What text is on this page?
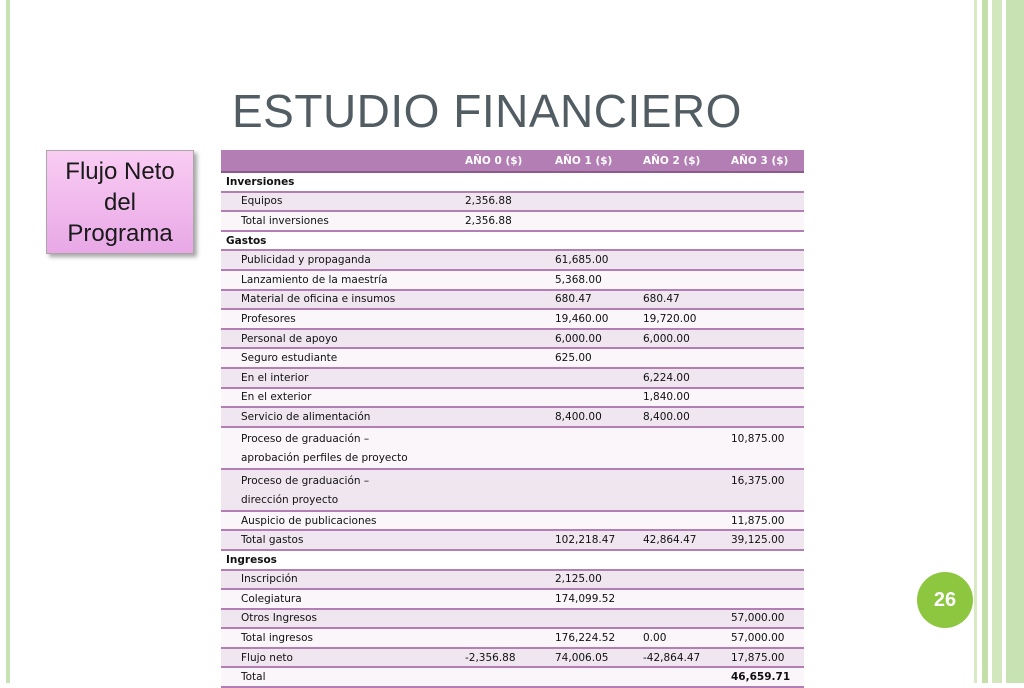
ESTUDIO FINANCIERO
Flujo Neto del Programa
	AÑO 0 ($)	AÑO 1 ($)	AÑO 2 ($)	AÑO 3 ($)
Inversiones				
Equipos	2,356.88			
Total inversiones	2,356.88			
Gastos				
Publicidad y propaganda		61,685.00		
Lanzamiento de la maestría		5,368.00		
Material de oficina e insumos		680.47	680.47	
Profesores		19,460.00	19,720.00	
Personal de apoyo		6,000.00	6,000.00	
Seguro estudiante		625.00		
En el interior			6,224.00	
En el exterior			1,840.00	
Servicio de alimentación		8,400.00	8,400.00	
Proceso de graduación – aprobación perfiles de proyecto				10,875.00
Proceso de graduación – dirección proyecto				16,375.00
Auspicio de publicaciones				11,875.00
Total gastos		102,218.47	42,864.47	39,125.00
Ingresos				
Inscripción		2,125.00		
Colegiatura		174,099.52		
Otros Ingresos				57,000.00
Total ingresos		176,224.52	0.00	57,000.00
Flujo neto	-2,356.88	74,006.05	-42,864.47	17,875.00
Total				46,659.71
26
